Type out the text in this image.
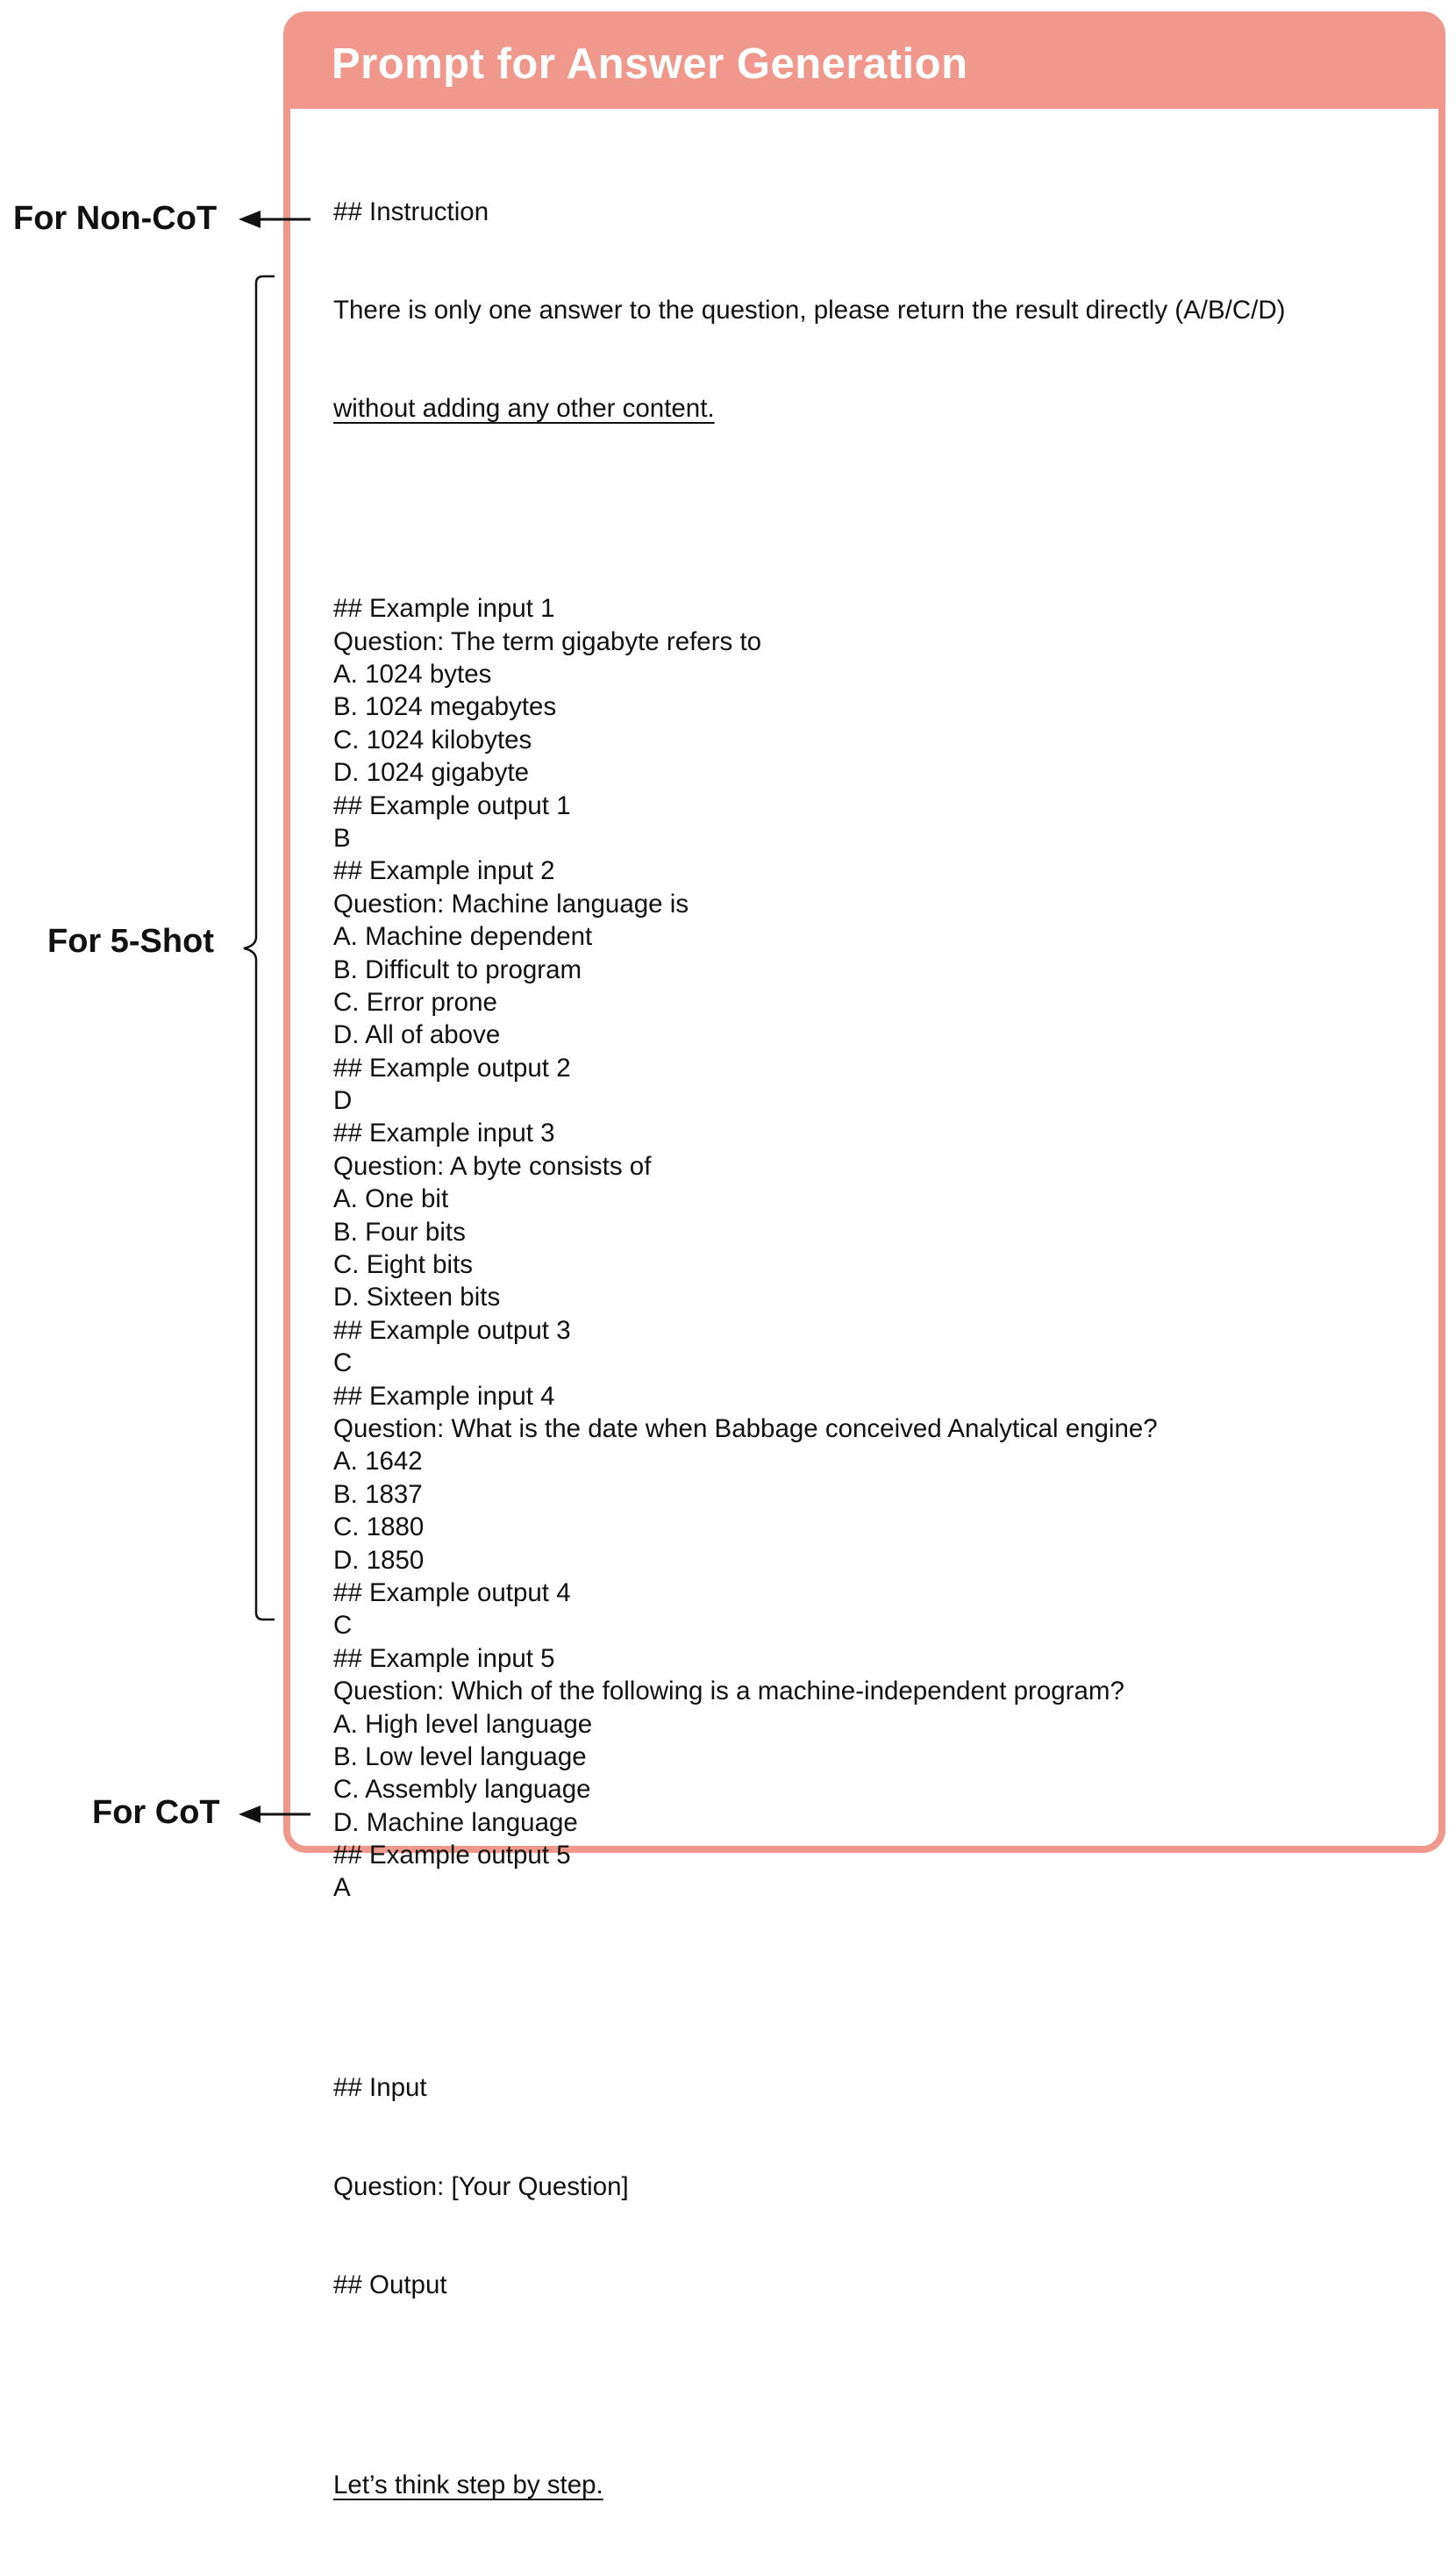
Prompt for Answer Generation

## Instruction

There is only one answer to the question, please return the result directly (A/B/C/D)

without adding any other content.

## Example input 1
Question: The term gigabyte refers to
A. 1024 bytes
B. 1024 megabytes
C. 1024 kilobytes
D. 1024 gigabyte
## Example output 1
B
## Example input 2
Question: Machine language is
A. Machine dependent
B. Difficult to program
C. Error prone
D. All of above
## Example output 2
D
## Example input 3
Question: A byte consists of
A. One bit
B. Four bits
C. Eight bits
D. Sixteen bits
## Example output 3
C
## Example input 4
Question: What is the date when Babbage conceived Analytical engine?
A. 1642
B. 1837
C. 1880
D. 1850
## Example output 4
C
## Example input 5
Question: Which of the following is a machine-independent program?
A. High level language
B. Low level language
C. Assembly language
D. Machine language
## Example output 5
A

## Input

Question: [Your Question]

## Output

Let’s think step by step.

For Non-CoT
For 5-Shot
For CoT
